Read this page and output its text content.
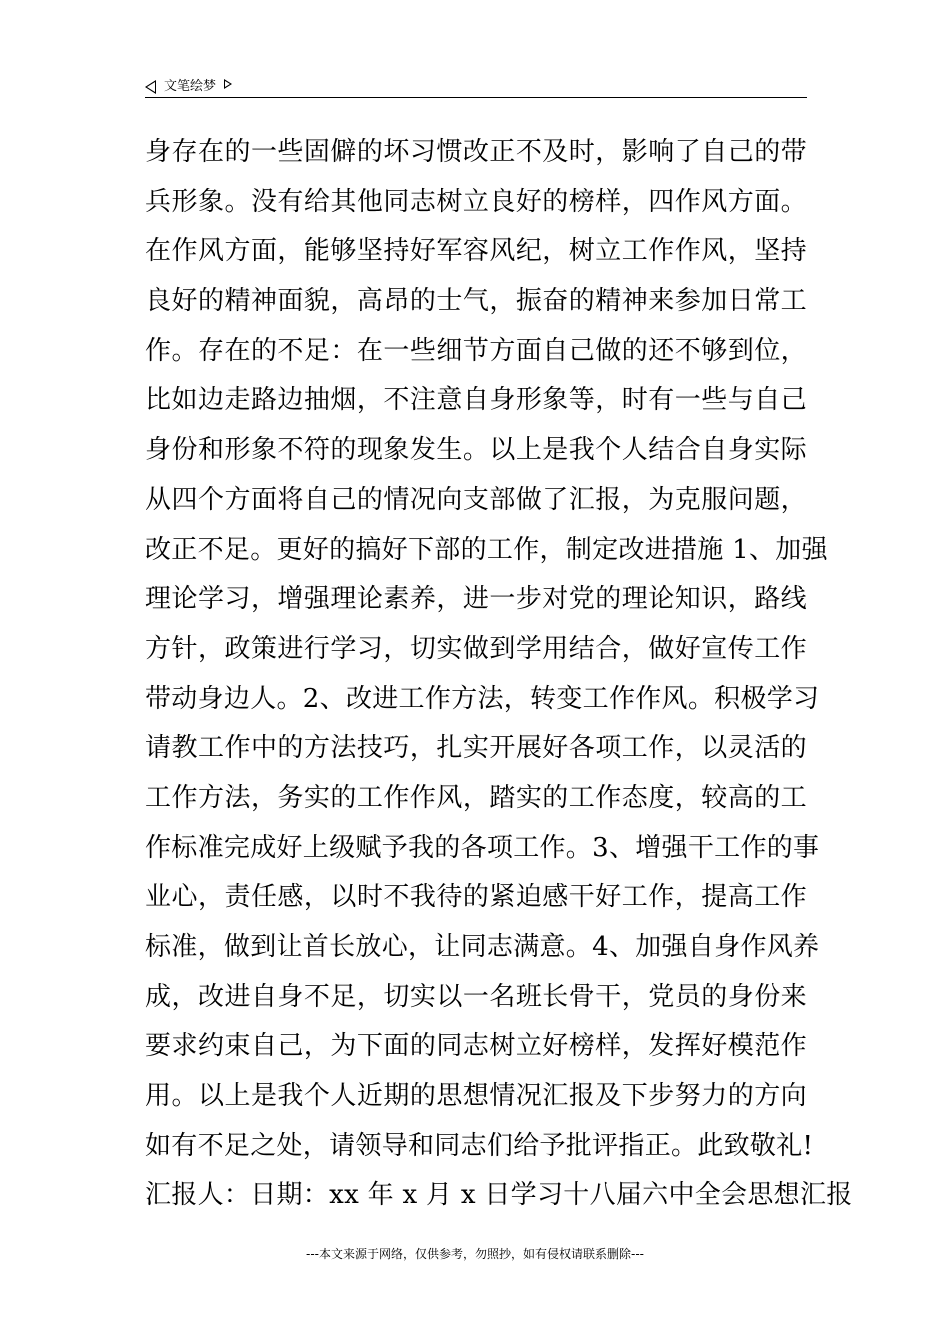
文笔绘梦
身存在的一些固僻的坏习惯改正不及时，影响了自己的带
兵形象。没有给其他同志树立良好的榜样，四作风方面。
在作风方面，能够坚持好军容风纪，树立工作作风，坚持
良好的精神面貌，高昂的士气，振奋的精神来参加日常工
作。存在的不足：在一些细节方面自己做的还不够到位，
比如边走路边抽烟，不注意自身形象等，时有一些与自己
身份和形象不符的现象发生。以上是我个人结合自身实际
从四个方面将自己的情况向支部做了汇报，为克服问题，
改正不足。更好的搞好下部的工作，制定改进措施 1、加强
理论学习，增强理论素养，进一步对党的理论知识，路线
方针，政策进行学习，切实做到学用结合，做好宣传工作
带动身边人。2、改进工作方法，转变工作作风。积极学习
请教工作中的方法技巧，扎实开展好各项工作，以灵活的
工作方法，务实的工作作风，踏实的工作态度，较高的工
作标准完成好上级赋予我的各项工作。3、增强干工作的事
业心，责任感，以时不我待的紧迫感干好工作，提高工作
标准，做到让首长放心，让同志满意。4、加强自身作风养
成，改进自身不足，切实以一名班长骨干，党员的身份来
要求约束自己，为下面的同志树立好榜样，发挥好模范作
用。以上是我个人近期的思想情况汇报及下步努力的方向
如有不足之处，请领导和同志们给予批评指正。此致敬礼!
汇报人：日期：xx 年 x 月 x 日学习十八届六中全会思想汇报
---本文来源于网络，仅供参考，勿照抄，如有侵权请联系删除---
